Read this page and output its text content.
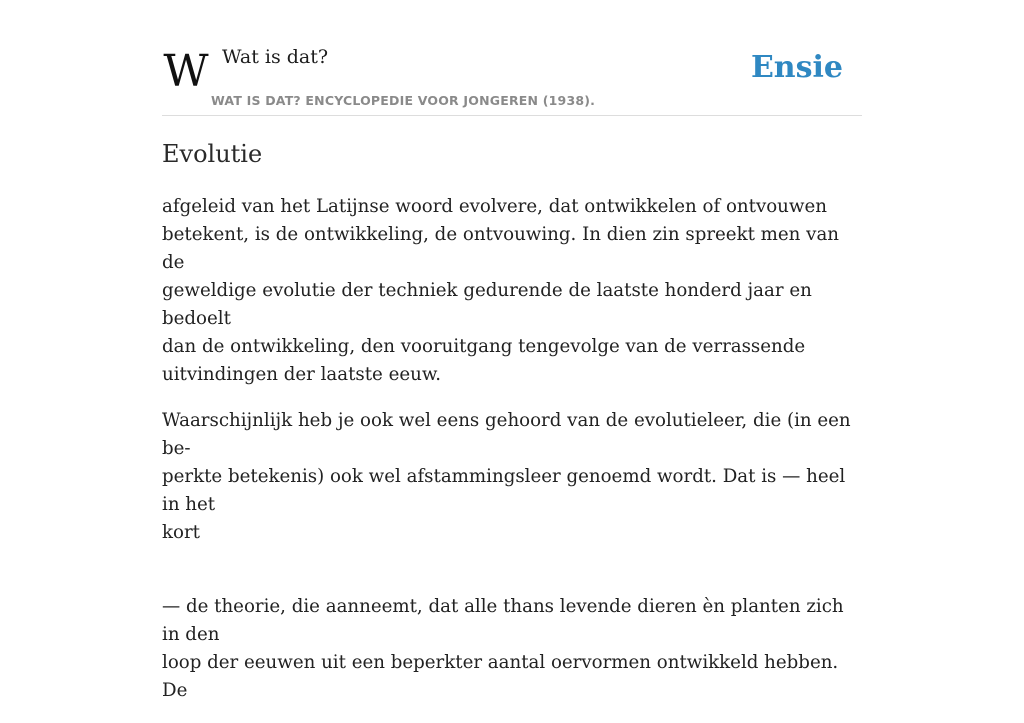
W Wat is dat?
WAT IS DAT? ENCYCLOPEDIE VOOR JONGEREN (1938).
Ensie
Evolutie

afgeleid van het Latijnse woord evolvere, dat ontwikkelen of ontvouwen
betekent, is de ontwikkeling, de ontvouwing. In dien zin spreekt men van de
geweldige evolutie der techniek gedurende de laatste honderd jaar en bedoelt
dan de ontwikkeling, den vooruitgang tengevolge van de verrassende
uitvindingen der laatste eeuw.

Waarschijnlijk heb je ook wel eens gehoord van de evolutieleer, die (in een be-
perkte betekenis) ook wel afstammingsleer genoemd wordt. Dat is — heel in het
kort

— de theorie, die aanneemt, dat alle thans levende dieren èn planten zich in den
loop der eeuwen uit een beperkter aantal oervormen ontwikkeld hebben. De
